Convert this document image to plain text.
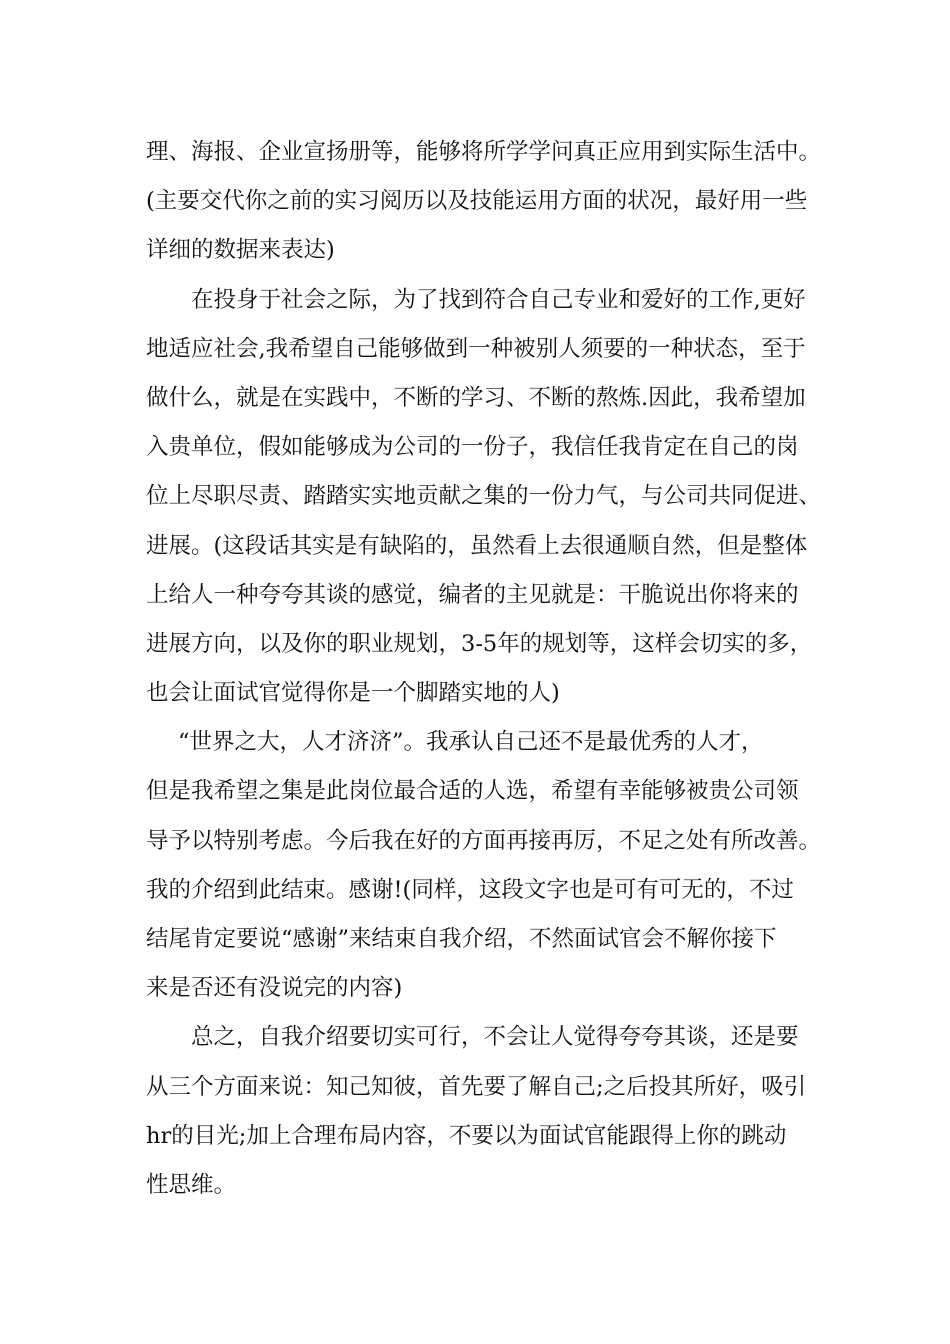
理、海报、企业宣扬册等，能够将所学学问真正应用到实际生活中。
(主要交代你之前的实习阅历以及技能运用方面的状况，最好用一些
详细的数据来表达)
在投身于社会之际，为了找到符合自己专业和爱好的工作,更好
地适应社会,我希望自己能够做到一种被别人须要的一种状态，至于
做什么，就是在实践中，不断的学习、不断的熬炼.因此，我希望加
入贵单位，假如能够成为公司的一份子，我信任我肯定在自己的岗
位上尽职尽责、踏踏实实地贡献之集的一份力气，与公司共同促进、
进展。(这段话其实是有缺陷的，虽然看上去很通顺自然，但是整体
上给人一种夸夸其谈的感觉，编者的主见就是：干脆说出你将来的
进展方向，以及你的职业规划，3-5年的规划等，这样会切实的多，
也会让面试官觉得你是一个脚踏实地的人)
“世界之大，人才济济”。我承认自己还不是最优秀的人才，
但是我希望之集是此岗位最合适的人选，希望有幸能够被贵公司领
导予以特别考虑。今后我在好的方面再接再厉，不足之处有所改善。
我的介绍到此结束。感谢!(同样，这段文字也是可有可无的，不过
结尾肯定要说“感谢”来结束自我介绍，不然面试官会不解你接下
来是否还有没说完的内容)
总之，自我介绍要切实可行，不会让人觉得夸夸其谈，还是要
从三个方面来说：知己知彼，首先要了解自己;之后投其所好，吸引
hr的目光;加上合理布局内容，不要以为面试官能跟得上你的跳动
性思维。
